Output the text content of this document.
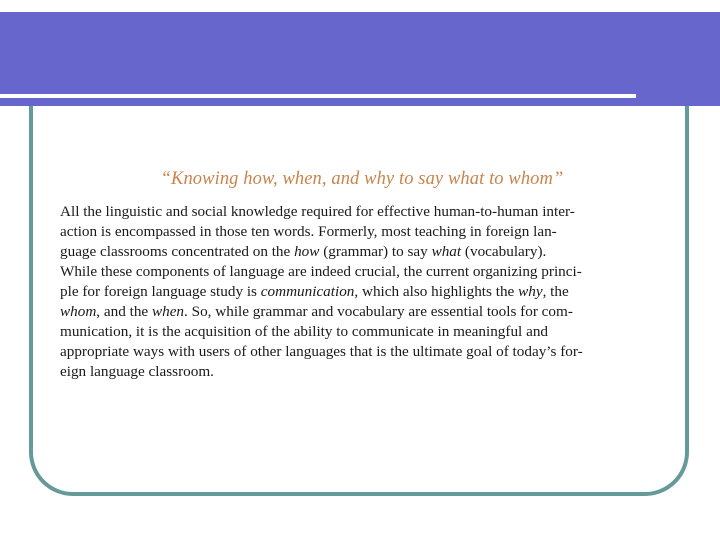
“Knowing how, when, and why to say what to whom”

All the linguistic and social knowledge required for effective human-to-human inter-
action is encompassed in those ten words. Formerly, most teaching in foreign lan-
guage classrooms concentrated on the how (grammar) to say what (vocabulary).
While these components of language are indeed crucial, the current organizing princi-
ple for foreign language study is communication, which also highlights the why, the
whom, and the when. So, while grammar and vocabulary are essential tools for com-
munication, it is the acquisition of the ability to communicate in meaningful and
appropriate ways with users of other languages that is the ultimate goal of today’s for-
eign language classroom.
